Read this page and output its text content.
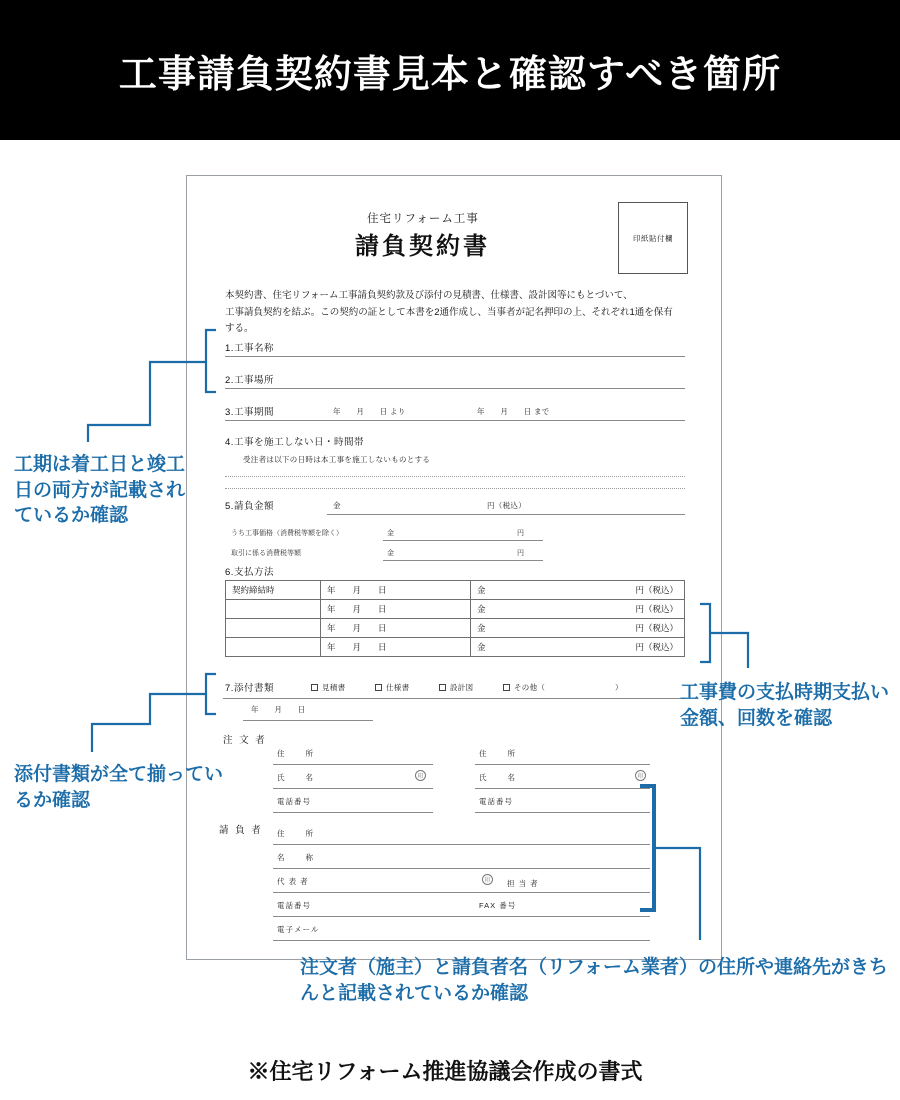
工事請負契約書見本と確認すべき箇所
住宅リフォーム工事
請負契約書	印紙貼付欄
本契約書、住宅リフォーム工事請負契約款及び添付の見積書、仕様書、設計図等にもとづいて、
工事請負契約を結ぶ。この契約の証として本書を2通作成し、当事者が記名押印の上、それぞれ1通を保有する。
1.工事名称
2.工事場所
3.工事期間	年　　月　　日 より	年　　月　　日 まで
4.工事を施工しない日・時間帯
受注者は以下の日時は本工事を施工しないものとする
5.請負金額	金	円（税込）
うち工事価格（消費税等額を除く）	金	円
取引に係る消費税等額	金	円
6.支払方法
契約締結時	年　　月　　日	金 円（税込）

	年　　月　　日	金 円（税込）

	年　　月　　日	金 円（税込）

	年　　月　　日	金 円（税込）
7.添付書類	見積書	仕様書	設計図	その他（	）
年　　月　　日
注 文 者
住　　所
氏　　名	印
電話番号
住　　所
氏　　名	印
電話番号
請 負 者 住　　所
名　　称
代 表 者	印	担 当 者
電話番号	FAX 番号
電子メール
工期は着工日と竣工日の両方が記載されているか確認
添付書類が全て揃っているか確認
工事費の支払時期支払い金額、回数を確認
注文者（施主）と請負者名（リフォーム業者）の住所や連絡先がきちんと記載されているか確認
※住宅リフォーム推進協議会作成の書式
